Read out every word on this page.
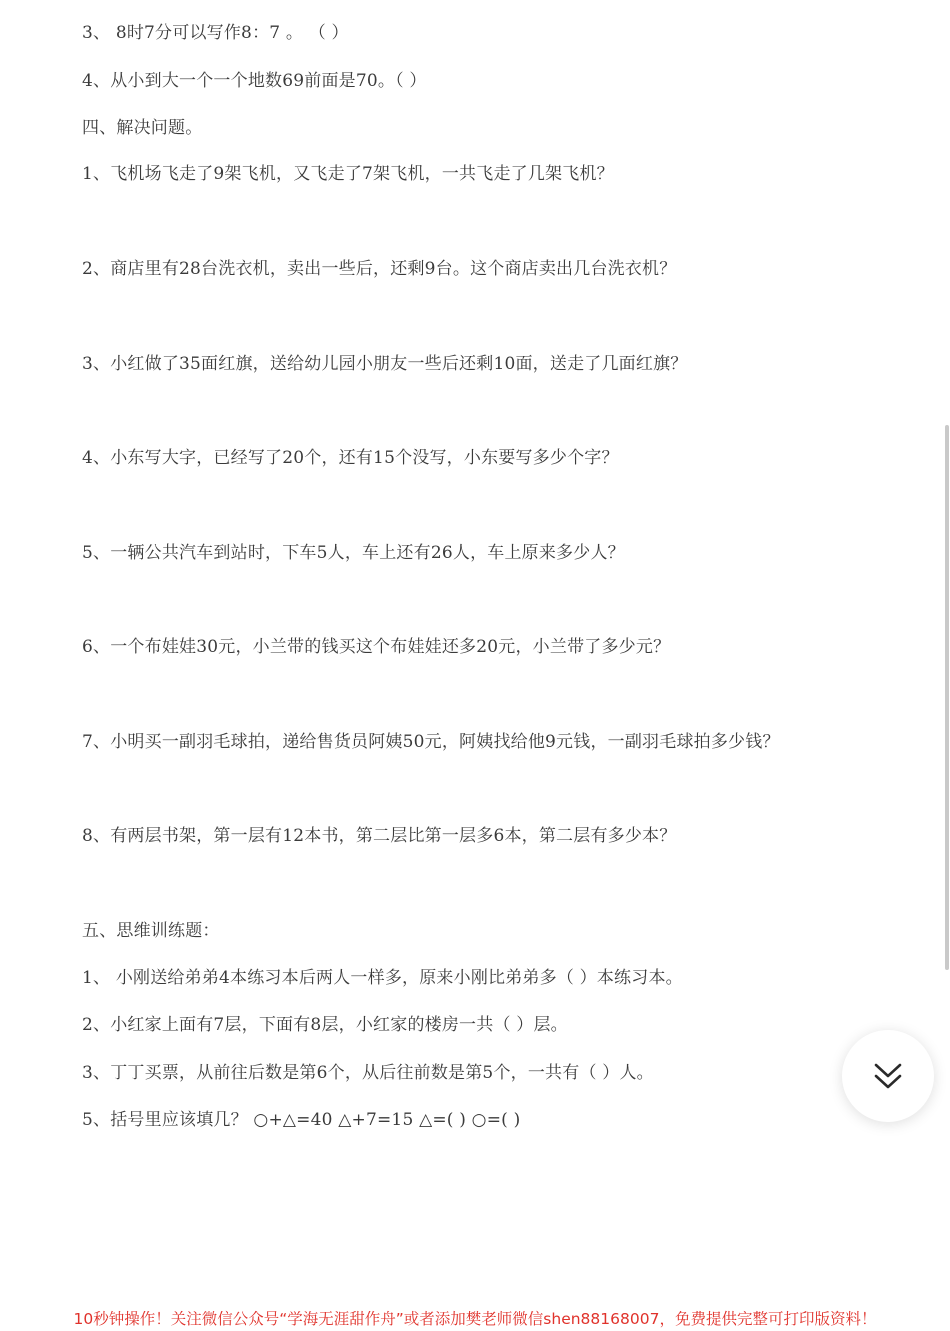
3、 8时7分可以写作8：7 。 （ ）
4、从小到大一个一个地数69前面是70。（ ）
四、解决问题。
1、飞机场飞走了9架飞机，又飞走了7架飞机，一共飞走了几架飞机？
2、商店里有28台洗衣机，卖出一些后，还剩9台。这个商店卖出几台洗衣机？
3、小红做了35面红旗，送给幼儿园小朋友一些后还剩10面，送走了几面红旗？
4、小东写大字，已经写了20个，还有15个没写，小东要写多少个字？
5、一辆公共汽车到站时，下车5人，车上还有26人，车上原来多少人？
6、一个布娃娃30元，小兰带的钱买这个布娃娃还多20元，小兰带了多少元？
7、小明买一副羽毛球拍，递给售货员阿姨50元，阿姨找给他9元钱，一副羽毛球拍多少钱？
8、有两层书架，第一层有12本书，第二层比第一层多6本，第二层有多少本？
五、思维训练题：
1、 小刚送给弟弟4本练习本后两人一样多，原来小刚比弟弟多（ ）本练习本。
2、小红家上面有7层，下面有8层，小红家的楼房一共（ ）层。
3、丁丁买票，从前往后数是第6个，从后往前数是第5个，一共有（ ）人。
5、括号里应该填几？ ○+△=40 △+7=15 △=( ) ○=( )
10秒钟操作！关注微信公众号“学海无涯甜作舟”或者添加樊老师微信shen88168007，免费提供完整可打印版资料！
